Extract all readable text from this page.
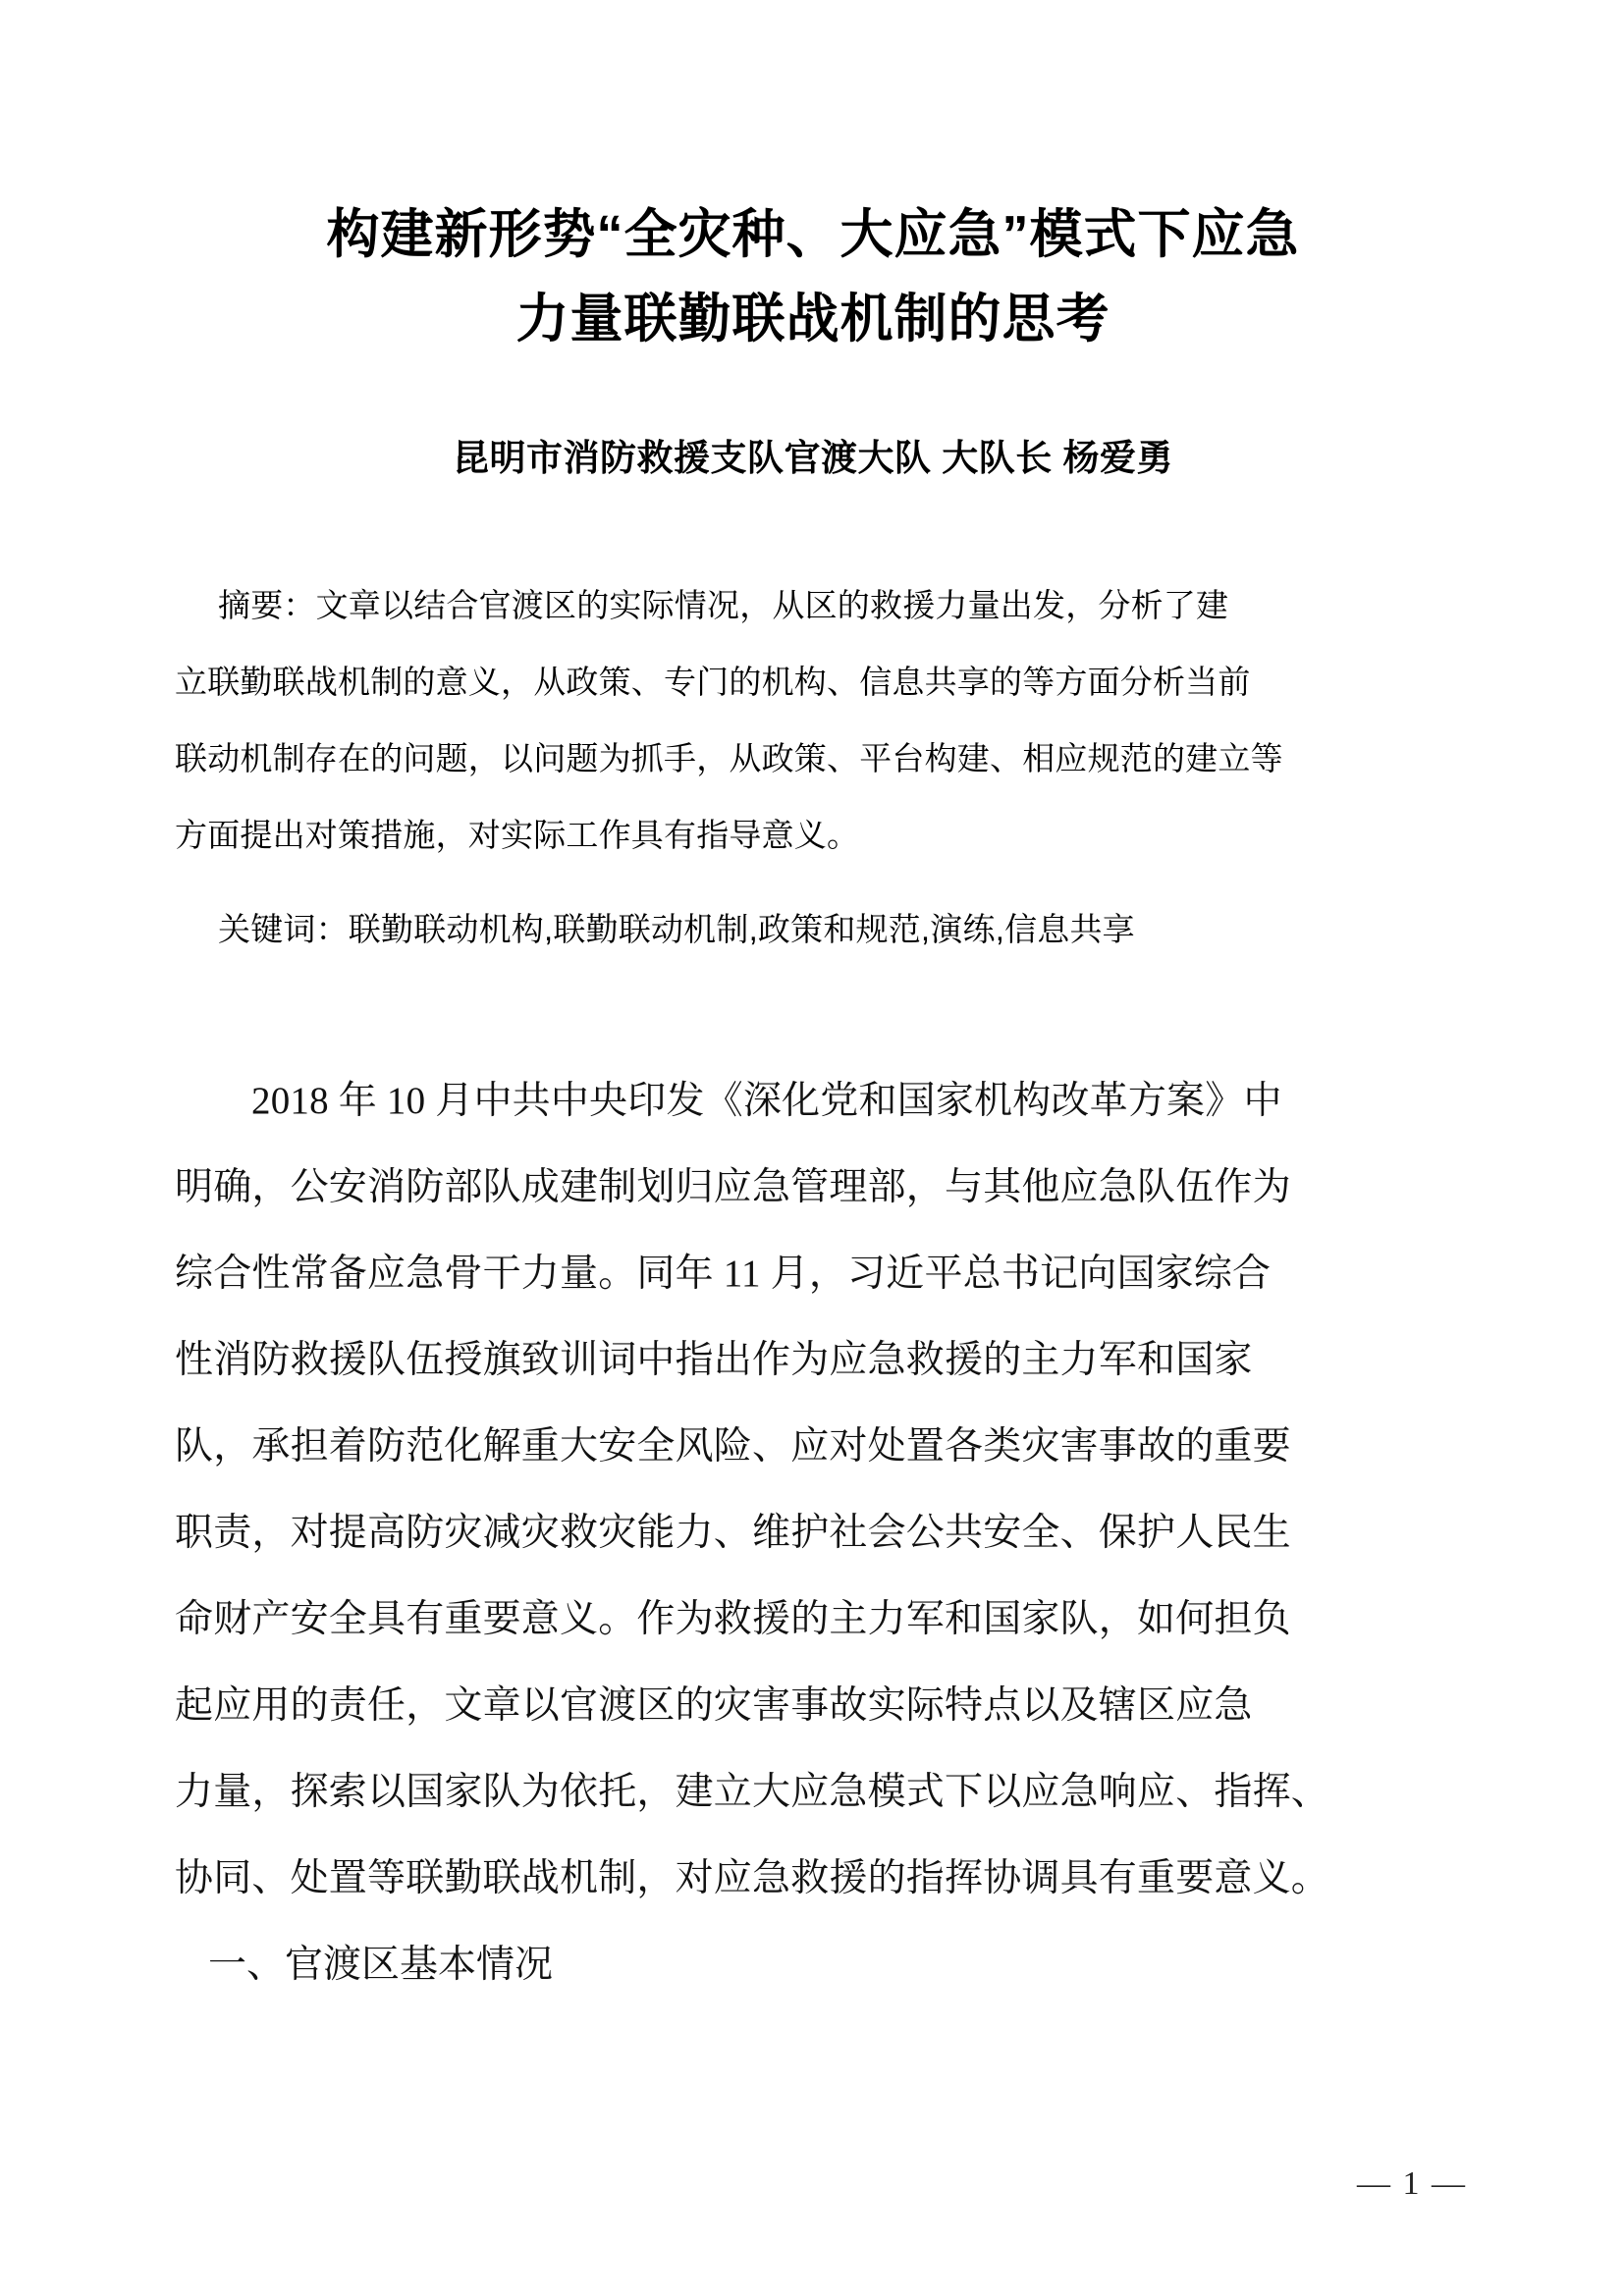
构建新形势“全灾种、大应急”模式下应急
力量联勤联战机制的思考
昆明市消防救援支队官渡大队 大队长 杨爱勇
摘要：文章以结合官渡区的实际情况，从区的救援力量出发，分析了建
立联勤联战机制的意义，从政策、专门的机构、信息共享的等方面分析当前
联动机制存在的问题，以问题为抓手，从政策、平台构建、相应规范的建立等
方面提出对策措施，对实际工作具有指导意义。
关键词：联勤联动机构,联勤联动机制,政策和规范,演练,信息共享
2018 年 10 月中共中央印发《深化党和国家机构改革方案》中
明确，公安消防部队成建制划归应急管理部，与其他应急队伍作为
综合性常备应急骨干力量。同年 11 月，习近平总书记向国家综合
性消防救援队伍授旗致训词中指出作为应急救援的主力军和国家
队，承担着防范化解重大安全风险、应对处置各类灾害事故的重要
职责，对提高防灾减灾救灾能力、维护社会公共安全、保护人民生
命财产安全具有重要意义。作为救援的主力军和国家队，如何担负
起应用的责任，文章以官渡区的灾害事故实际特点以及辖区应急
力量，探索以国家队为依托，建立大应急模式下以应急响应、指挥、
协同、处置等联勤联战机制，对应急救援的指挥协调具有重要意义。
一、官渡区基本情况
— 1 —
